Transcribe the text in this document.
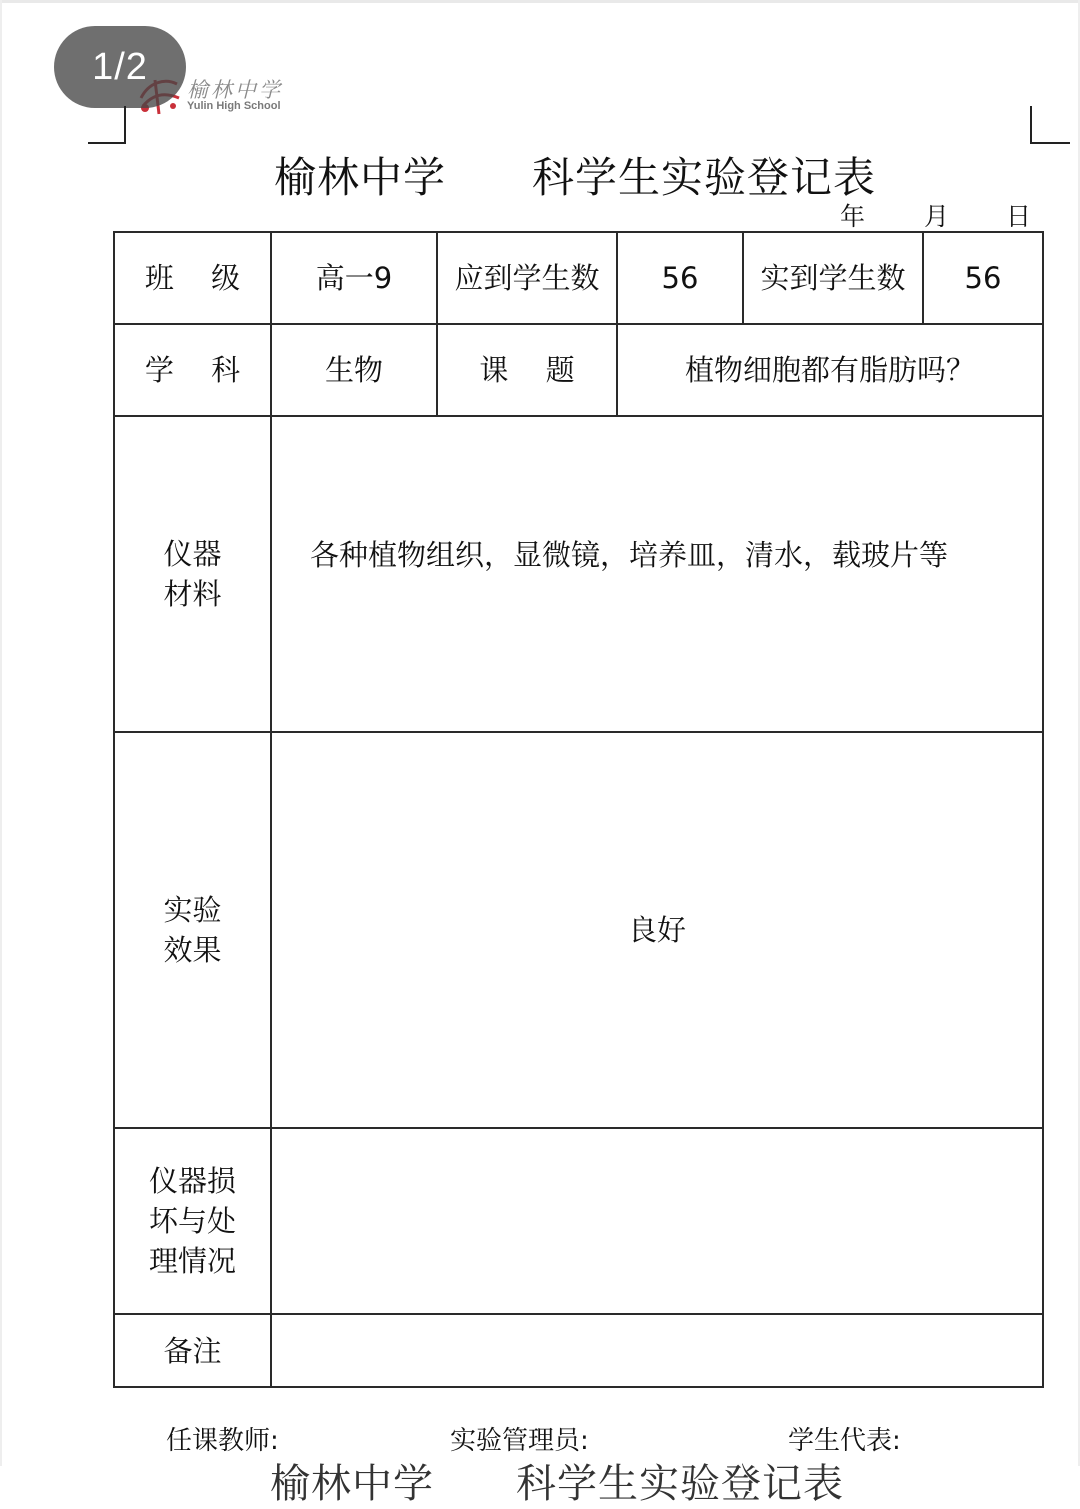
榆林中学
Yulin High School
1/2
榆林中学　　科学生实验登记表
年 月 日
班 级	高一9	应到学生数	56	实到学生数	56
学 科	生物	课 题	植物细胞都有脂肪吗？		
仪器
材料	各种植物组织，显微镜，培养皿，清水，载玻片等				
实验
效果	良好				
仪器损
坏与处
理情况					
备注					
任课教师:	实验管理员:	学生代表:
榆林中学　　科学生实验登记表
